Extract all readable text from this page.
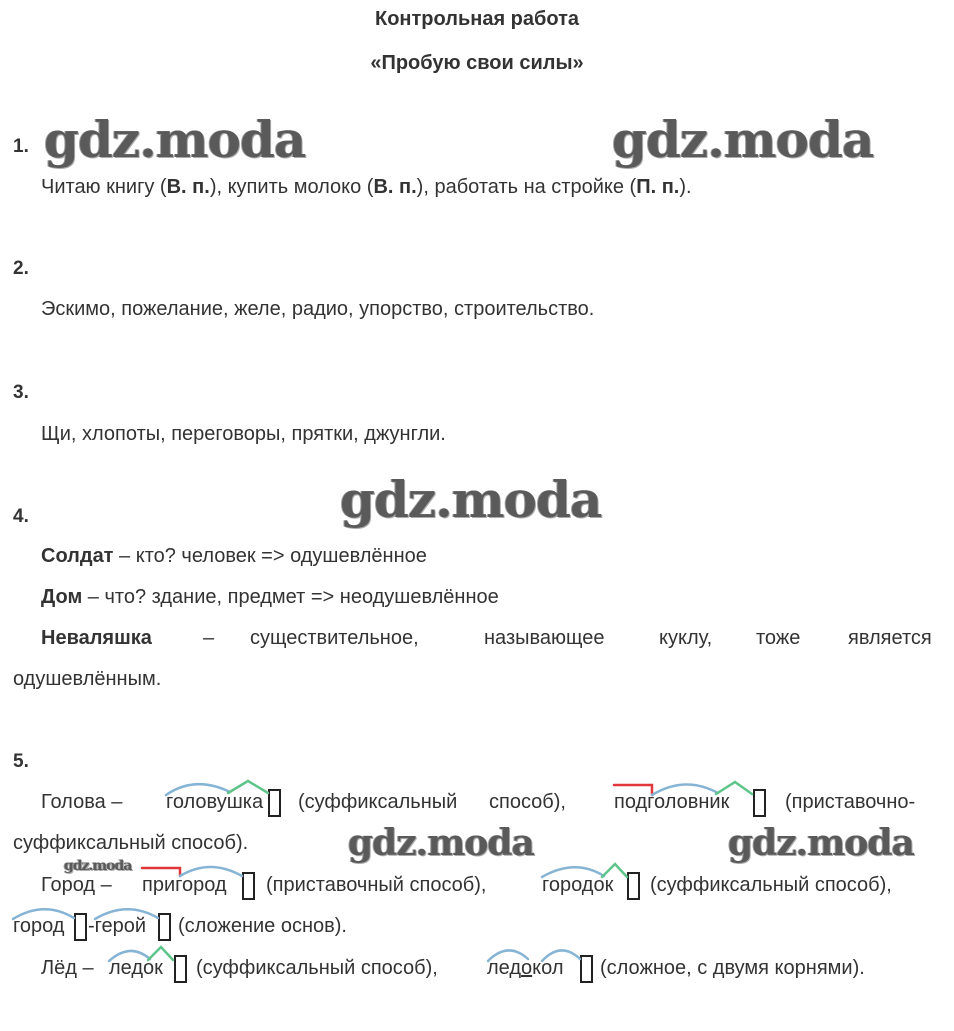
Контрольная работа
«Пробую свои силы»
gdz.moda	gdz.moda
gdz.moda
gdz.moda	gdz.moda
gdz.moda
1.
Читаю книгу (В. п.), купить молоко (В. п.), работать на стройке (П. п.).
2.
Эскимо, пожелание, желе, радио, упорство, строительство.
3.
Щи, хлопоты, переговоры, прятки, джунгли.
4.
Солдат – кто? человек => одушевлённое
Дом – что? здание, предмет => неодушевлённое
Неваляшка	– существительное,	называющее	куклу, тоже является
одушевлённым.
5.
Голова – головушка (суффиксальный способ), подголовник	(приставочно-
суффиксальный способ).
Город – пригород (приставочный способ),	городок (суффиксальный способ),
город -герой (сложение основ).
Лёд – ледок (суффиксальный способ), ледокол (сложное, с двумя корнями).
